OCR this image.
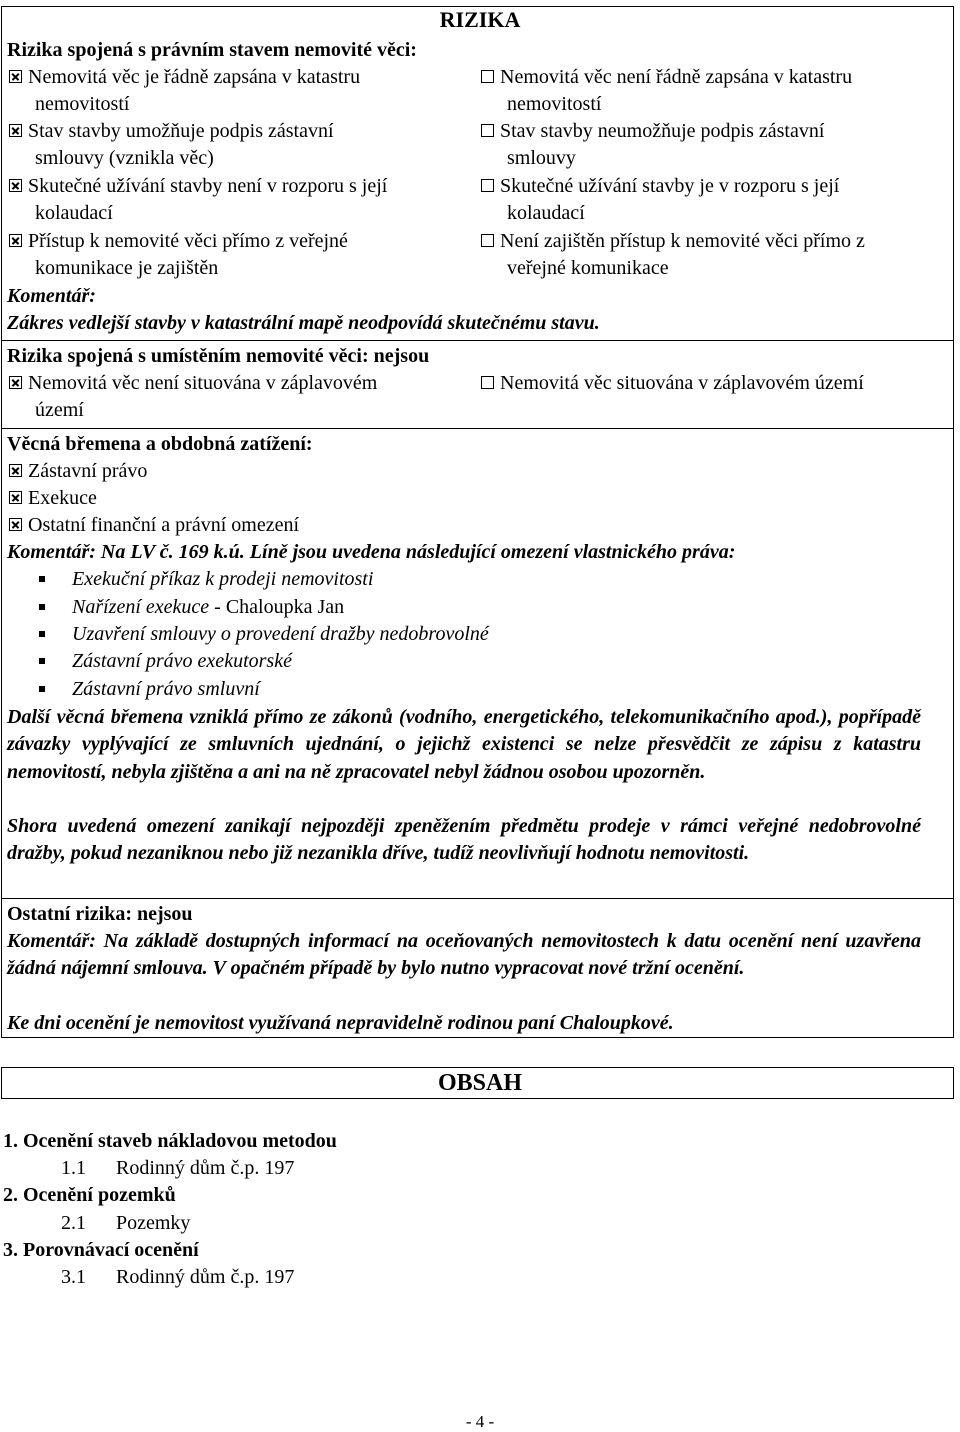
RIZIKA
Rizika spojená s právním stavem nemovité věci:
Nemovitá věc je řádně zapsána v katastru
nemovitostí
Stav stavby umožňuje podpis zástavní
smlouvy (vznikla věc)
Skutečné užívání stavby není v rozporu s její
kolaudací
Přístup k nemovité věci přímo z veřejné
komunikace je zajištěn
Nemovitá věc není řádně zapsána v katastru
nemovitostí
Stav stavby neumožňuje podpis zástavní
smlouvy
Skutečné užívání stavby je v rozporu s její
kolaudací
Není zajištěn přístup k nemovité věci přímo z
veřejné komunikace
Komentář:
Zákres vedlejší stavby v katastrální mapě neodpovídá skutečnému stavu.
Rizika spojená s umístěním nemovité věci: nejsou
Nemovitá věc není situována v záplavovém
území
Nemovitá věc situována v záplavovém území
Věcná břemena a obdobná zatížení:
Zástavní právo
Exekuce
Ostatní finanční a právní omezení
Komentář: Na LV č. 169 k.ú. Líně jsou uvedena následující omezení vlastnického práva:
Exekuční příkaz k prodeji nemovitosti
Nařízení exekuce - Chaloupka Jan
Uzavření smlouvy o provedení dražby nedobrovolné
Zástavní právo exekutorské
Zástavní právo smluvní
Další věcná břemena vzniklá přímo ze zákonů (vodního, energetického, telekomunikačního apod.), popřípadě závazky vyplývající ze smluvních ujednání, o jejichž existenci se nelze přesvědčit ze zápisu z katastru nemovitostí, nebyla zjištěna a ani na ně zpracovatel nebyl žádnou osobou upozorněn.
Shora uvedená omezení zanikají nejpozději zpeněžením předmětu prodeje v rámci veřejné nedobrovolné dražby, pokud nezaniknou nebo již nezanikla dříve, tudíž neovlivňují hodnotu nemovitosti.
Ostatní rizika: nejsou
Komentář: Na základě dostupných informací na oceňovaných nemovitostech k datu ocenění není uzavřena žádná nájemní smlouva. V opačném případě by bylo nutno vypracovat nové tržní ocenění.
Ke dni ocenění je nemovitost využívaná nepravidelně rodinou paní Chaloupkové.
OBSAH
1. Ocenění staveb nákladovou metodou
1.1 Rodinný dům č.p. 197
2. Ocenění pozemků
2.1 Pozemky
3. Porovnávací ocenění
3.1 Rodinný dům č.p. 197
- 4 -
